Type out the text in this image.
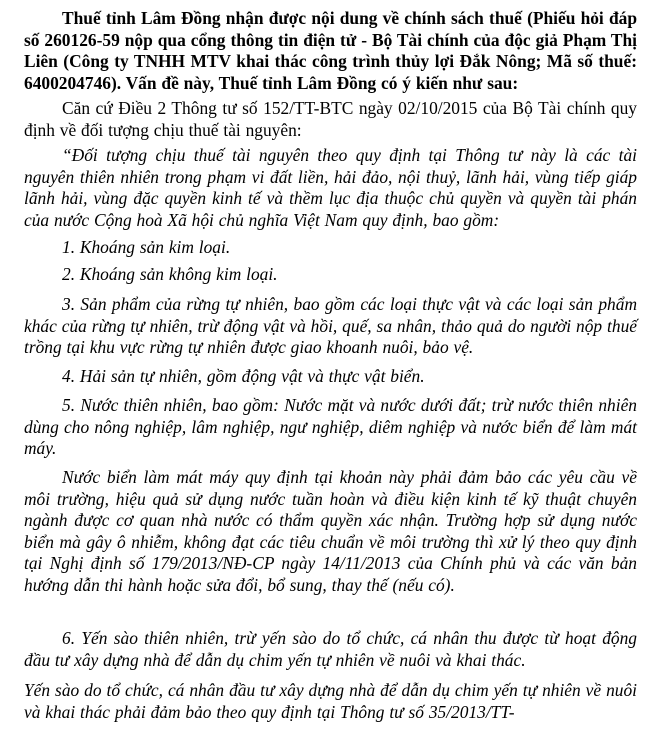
Thuế tỉnh Lâm Đồng nhận được nội dung về chính sách thuế (Phiếu hỏi đáp số 260126-59 nộp qua cổng thông tin điện tử - Bộ Tài chính của độc giả Phạm Thị Liên (Công ty TNHH MTV khai thác công trình thủy lợi Đắk Nông; Mã số thuế: 6400204746). Vấn đề này, Thuế tỉnh Lâm Đồng có ý kiến như sau:

Căn cứ Điều 2 Thông tư số 152/TT-BTC ngày 02/10/2015 của Bộ Tài chính quy định về đối tượng chịu thuế tài nguyên:

“Đối tượng chịu thuế tài nguyên theo quy định tại Thông tư này là các tài nguyên thiên nhiên trong phạm vi đất liền, hải đảo, nội thuỷ, lãnh hải, vùng tiếp giáp lãnh hải, vùng đặc quyền kinh tế và thềm lục địa thuộc chủ quyền và quyền tài phán của nước Cộng hoà Xã hội chủ nghĩa Việt Nam quy định, bao gồm:

1. Khoáng sản kim loại.

2. Khoáng sản không kim loại.

3. Sản phẩm của rừng tự nhiên, bao gồm các loại thực vật và các loại sản phẩm khác của rừng tự nhiên, trừ động vật và hồi, quế, sa nhân, thảo quả do người nộp thuế trồng tại khu vực rừng tự nhiên được giao khoanh nuôi, bảo vệ.

4. Hải sản tự nhiên, gồm động vật và thực vật biển.

5. Nước thiên nhiên, bao gồm: Nước mặt và nước dưới đất; trừ nước thiên nhiên dùng cho nông nghiệp, lâm nghiệp, ngư nghiệp, diêm nghiệp và nước biển để làm mát máy.

Nước biển làm mát máy quy định tại khoản này phải đảm bảo các yêu cầu về môi trường, hiệu quả sử dụng nước tuần hoàn và điều kiện kinh tế kỹ thuật chuyên ngành được cơ quan nhà nước có thẩm quyền xác nhận. Trường hợp sử dụng nước biển mà gây ô nhiễm, không đạt các tiêu chuẩn về môi trường thì xử lý theo quy định tại Nghị định số 179/2013/NĐ-CP ngày 14/11/2013 của Chính phủ và các văn bản hướng dẫn thi hành hoặc sửa đổi, bổ sung, thay thế (nếu có).

6. Yến sào thiên nhiên, trừ yến sào do tổ chức, cá nhân thu được từ hoạt động đầu tư xây dựng nhà để dẫn dụ chim yến tự nhiên về nuôi và khai thác.

Yến sào do tổ chức, cá nhân đầu tư xây dựng nhà để dẫn dụ chim yến tự nhiên về nuôi và khai thác phải đảm bảo theo quy định tại Thông tư số 35/2013/TT-
